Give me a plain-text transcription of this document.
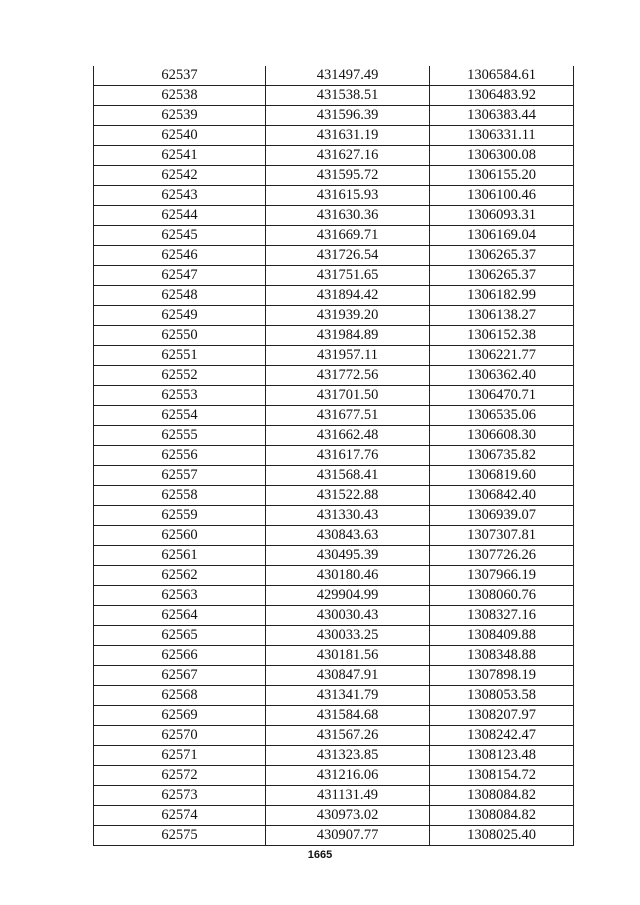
62537	431497.49	1306584.61
62538	431538.51	1306483.92
62539	431596.39	1306383.44
62540	431631.19	1306331.11
62541	431627.16	1306300.08
62542	431595.72	1306155.20
62543	431615.93	1306100.46
62544	431630.36	1306093.31
62545	431669.71	1306169.04
62546	431726.54	1306265.37
62547	431751.65	1306265.37
62548	431894.42	1306182.99
62549	431939.20	1306138.27
62550	431984.89	1306152.38
62551	431957.11	1306221.77
62552	431772.56	1306362.40
62553	431701.50	1306470.71
62554	431677.51	1306535.06
62555	431662.48	1306608.30
62556	431617.76	1306735.82
62557	431568.41	1306819.60
62558	431522.88	1306842.40
62559	431330.43	1306939.07
62560	430843.63	1307307.81
62561	430495.39	1307726.26
62562	430180.46	1307966.19
62563	429904.99	1308060.76
62564	430030.43	1308327.16
62565	430033.25	1308409.88
62566	430181.56	1308348.88
62567	430847.91	1307898.19
62568	431341.79	1308053.58
62569	431584.68	1308207.97
62570	431567.26	1308242.47
62571	431323.85	1308123.48
62572	431216.06	1308154.72
62573	431131.49	1308084.82
62574	430973.02	1308084.82
62575	430907.77	1308025.40
1665
